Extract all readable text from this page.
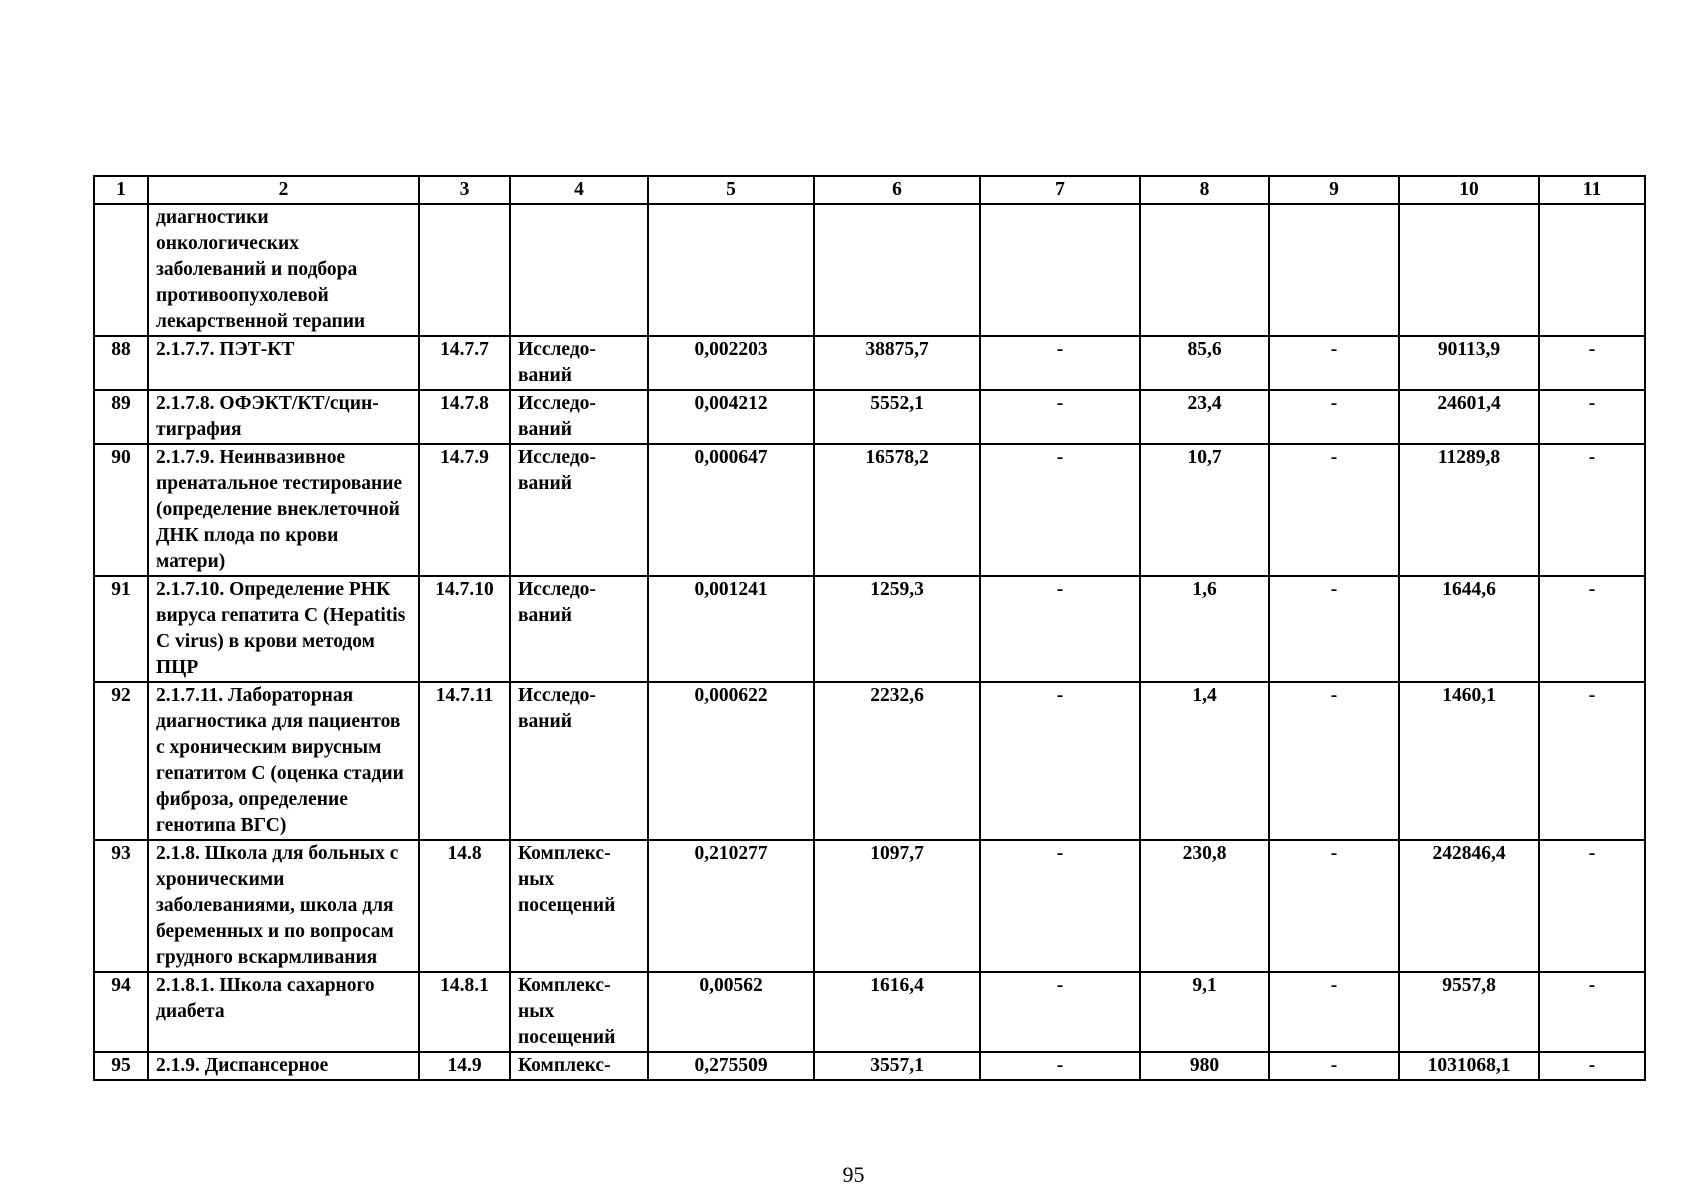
1	2	3	4	5	6	7	8	9	10	11
	диагностики онкологических заболеваний и подбора противоопухолевой лекарственной терапии									
88	2.1.7.7. ПЭТ-КТ	14.7.7	Исследо-ваний	0,002203	38875,7	-	85,6	-	90113,9	-
89	2.1.7.8. ОФЭКТ/КТ/сцин-тиграфия	14.7.8	Исследо-ваний	0,004212	5552,1	-	23,4	-	24601,4	-
90	2.1.7.9. Неинвазивное пренатальное тестирование (определение внеклеточной ДНК плода по крови матери)	14.7.9	Исследо-ваний	0,000647	16578,2	-	10,7	-	11289,8	-
91	2.1.7.10. Определение РНК вируса гепатита С (Hepatitis C virus) в крови методом ПЦР	14.7.10	Исследо-ваний	0,001241	1259,3	-	1,6	-	1644,6	-
92	2.1.7.11. Лабораторная диагностика для пациентов с хроническим вирусным гепатитом С (оценка стадии фиброза, определение генотипа ВГС)	14.7.11	Исследо-ваний	0,000622	2232,6	-	1,4	-	1460,1	-
93	2.1.8. Школа для больных с хроническими заболеваниями, школа для беременных и по вопросам грудного вскармливания	14.8	Комплекс-ных посещений	0,210277	1097,7	-	230,8	-	242846,4	-
94	2.1.8.1. Школа сахарного диабета	14.8.1	Комплекс-ных посещений	0,00562	1616,4	-	9,1	-	9557,8	-
95	2.1.9. Диспансерное	14.9	Комплекс-	0,275509	3557,1	-	980	-	1031068,1	-
95
